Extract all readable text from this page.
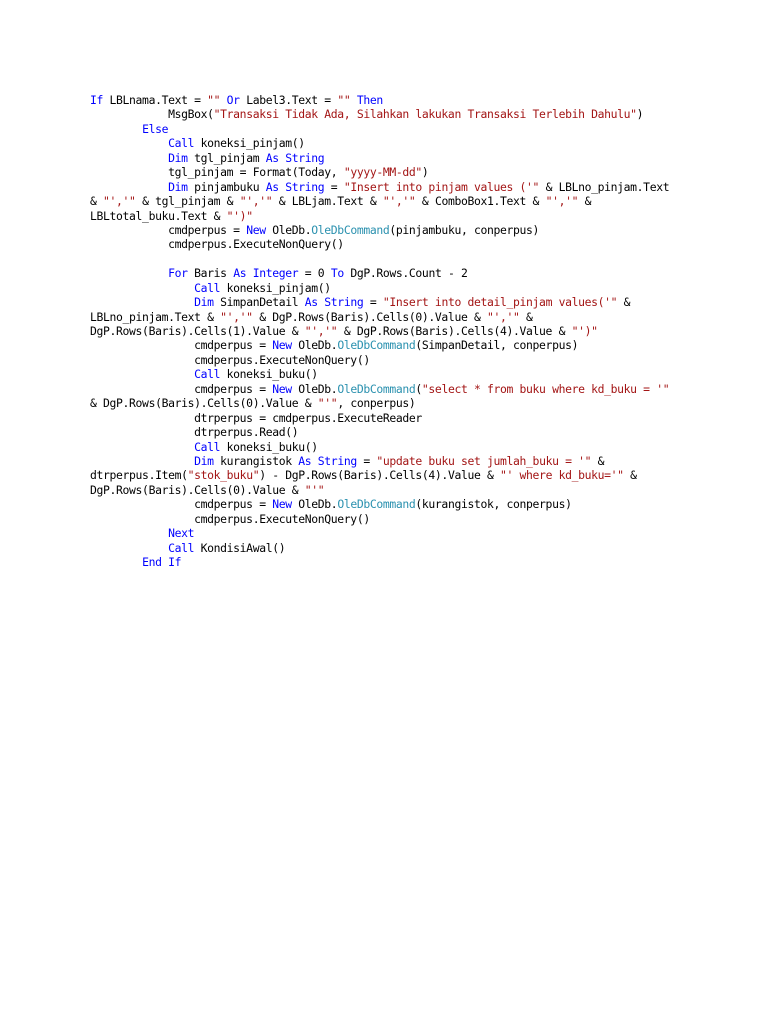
If LBLnama.Text = "" Or Label3.Text = "" Then
MsgBox("Transaksi Tidak Ada, Silahkan lakukan Transaksi Terlebih Dahulu")
Else
Call koneksi_pinjam()
Dim tgl_pinjam As String
tgl_pinjam = Format(Today, "yyyy-MM-dd")
Dim pinjambuku As String = "Insert into pinjam values ('" & LBLno_pinjam.Text
& "','" & tgl_pinjam & "','" & LBLjam.Text & "','" & ComboBox1.Text & "','" &
LBLtotal_buku.Text & "')"
cmdperpus = New OleDb.OleDbCommand(pinjambuku, conperpus)
cmdperpus.ExecuteNonQuery()
For Baris As Integer = 0 To DgP.Rows.Count - 2
Call koneksi_pinjam()
Dim SimpanDetail As String = "Insert into detail_pinjam values('" &
LBLno_pinjam.Text & "','" & DgP.Rows(Baris).Cells(0).Value & "','" &
DgP.Rows(Baris).Cells(1).Value & "','" & DgP.Rows(Baris).Cells(4).Value & "')"
cmdperpus = New OleDb.OleDbCommand(SimpanDetail, conperpus)
cmdperpus.ExecuteNonQuery()
Call koneksi_buku()
cmdperpus = New OleDb.OleDbCommand("select * from buku where kd_buku = '"
& DgP.Rows(Baris).Cells(0).Value & "'", conperpus)
dtrperpus = cmdperpus.ExecuteReader
dtrperpus.Read()
Call koneksi_buku()
Dim kurangistok As String = "update buku set jumlah_buku = '" &
dtrperpus.Item("stok_buku") - DgP.Rows(Baris).Cells(4).Value & "' where kd_buku='" &
DgP.Rows(Baris).Cells(0).Value & "'"
cmdperpus = New OleDb.OleDbCommand(kurangistok, conperpus)
cmdperpus.ExecuteNonQuery()
Next
Call KondisiAwal()
End If
